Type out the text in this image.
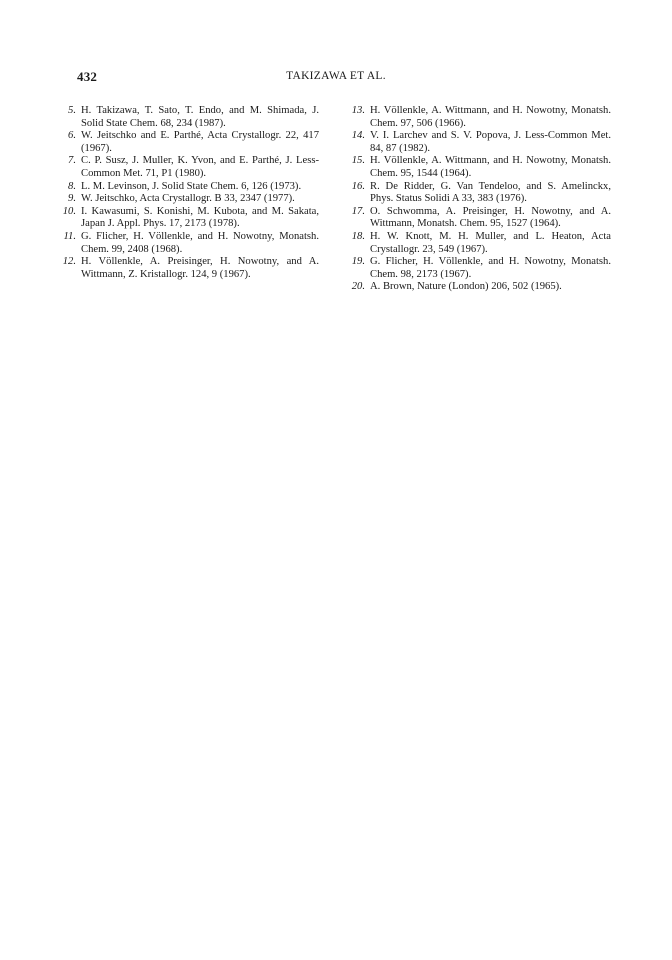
432	TAKIZAWA ET AL.
5. H. Takizawa, T. Sato, T. Endo, and M. Shimada, J. Solid State Chem. 68, 234 (1987).
6. W. Jeitschko and E. Parthé, Acta Crystallogr. 22, 417 (1967).
7. C. P. Susz, J. Muller, K. Yvon, and E. Parthé, J. Less-Common Met. 71, P1 (1980).
8. L. M. Levinson, J. Solid State Chem. 6, 126 (1973).
9. W. Jeitschko, Acta Crystallogr. B 33, 2347 (1977).
10. I. Kawasumi, S. Konishi, M. Kubota, and M. Sakata, Japan J. Appl. Phys. 17, 2173 (1978).
11. G. Flicher, H. Völlenkle, and H. Nowotny, Monatsh. Chem. 99, 2408 (1968).
12. H. Völlenkle, A. Preisinger, H. Nowotny, and A. Wittmann, Z. Kristallogr. 124, 9 (1967).
13. H. Völlenkle, A. Wittmann, and H. Nowotny, Monatsh. Chem. 97, 506 (1966).
14. V. I. Larchev and S. V. Popova, J. Less-Common Met. 84, 87 (1982).
15. H. Völlenkle, A. Wittmann, and H. Nowotny, Monatsh. Chem. 95, 1544 (1964).
16. R. De Ridder, G. Van Tendeloo, and S. Amelinckx, Phys. Status Solidi A 33, 383 (1976).
17. O. Schwomma, A. Preisinger, H. Nowotny, and A. Wittmann, Monatsh. Chem. 95, 1527 (1964).
18. H. W. Knott, M. H. Muller, and L. Heaton, Acta Crystallogr. 23, 549 (1967).
19. G. Flicher, H. Völlenkle, and H. Nowotny, Monatsh. Chem. 98, 2173 (1967).
20. A. Brown, Nature (London) 206, 502 (1965).
